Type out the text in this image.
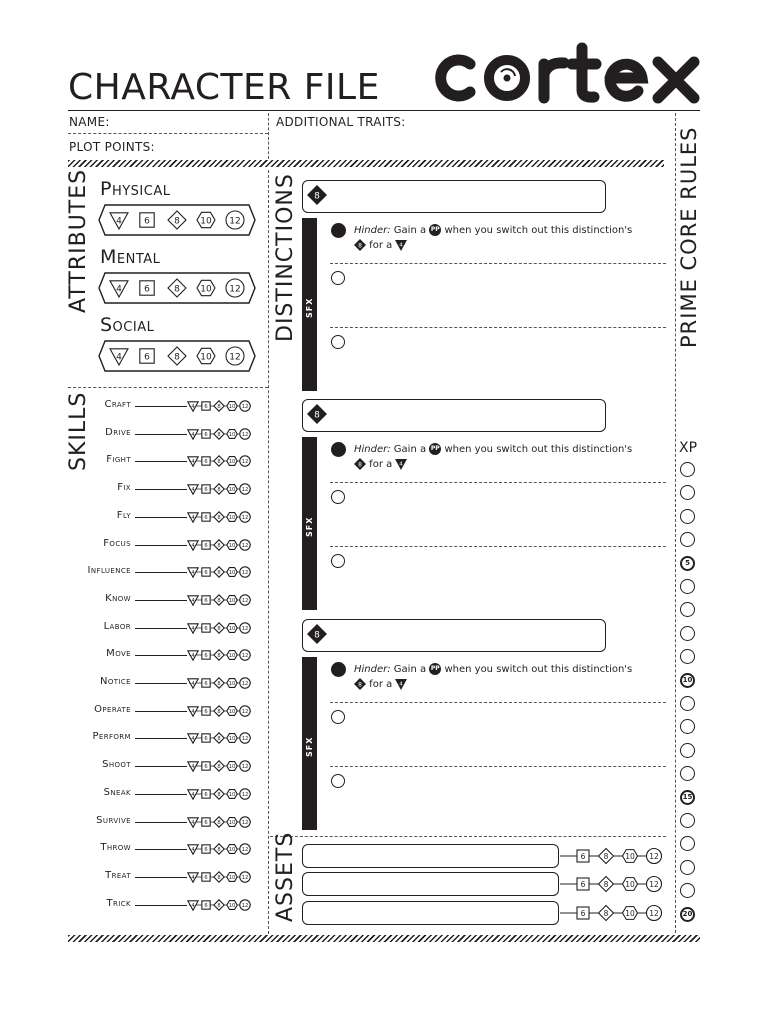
CHARACTER FILE
NAME:	ADDITIONAL TRAITS:
PLOT POINTS:	PRIME CORE RULES
XP
5
10
15
20
ATTRIBUTES Physical
4 6	8 10 12
Mental
4 6	8 10 12
Social
4 6	8 10 12
SKILLS	Craft	4 6 8 10 12
Drive	4 6 8 10 12
Fight	4 6 8 10 12
Fix	4 6 8 10 12
Fly	4 6 8 10 12
Focus	4 6 8 10 12
Influence	4 6 8 10 12
Know	4 6 8 10 12
Labor	4 6 8 10 12
Move	4 6 8 10 12
Notice	4 6 8 10 12
Operate	4 6 8 10 12
Perform	4 6 8 10 12
Shoot	4 6 8 10 12
Sneak	4 6 8 10 12
Survive	4 6 8 10 12
Throw	4 6 8 10 12
Treat	4 6 8 10 12
Trick	4 6 8 10 12
DISTINCTIONS 8
SFX
Hinder: Gain a PP when you switch out this distinction's

8 for a 4
8
SFX
Hinder: Gain a PP when you switch out this distinction's

8 for a 4
8
SFX
Hinder: Gain a PP when you switch out this distinction's

8 for a 4
ASSETS	6 8 10 12
6 8 10 12
6 8 10 12
